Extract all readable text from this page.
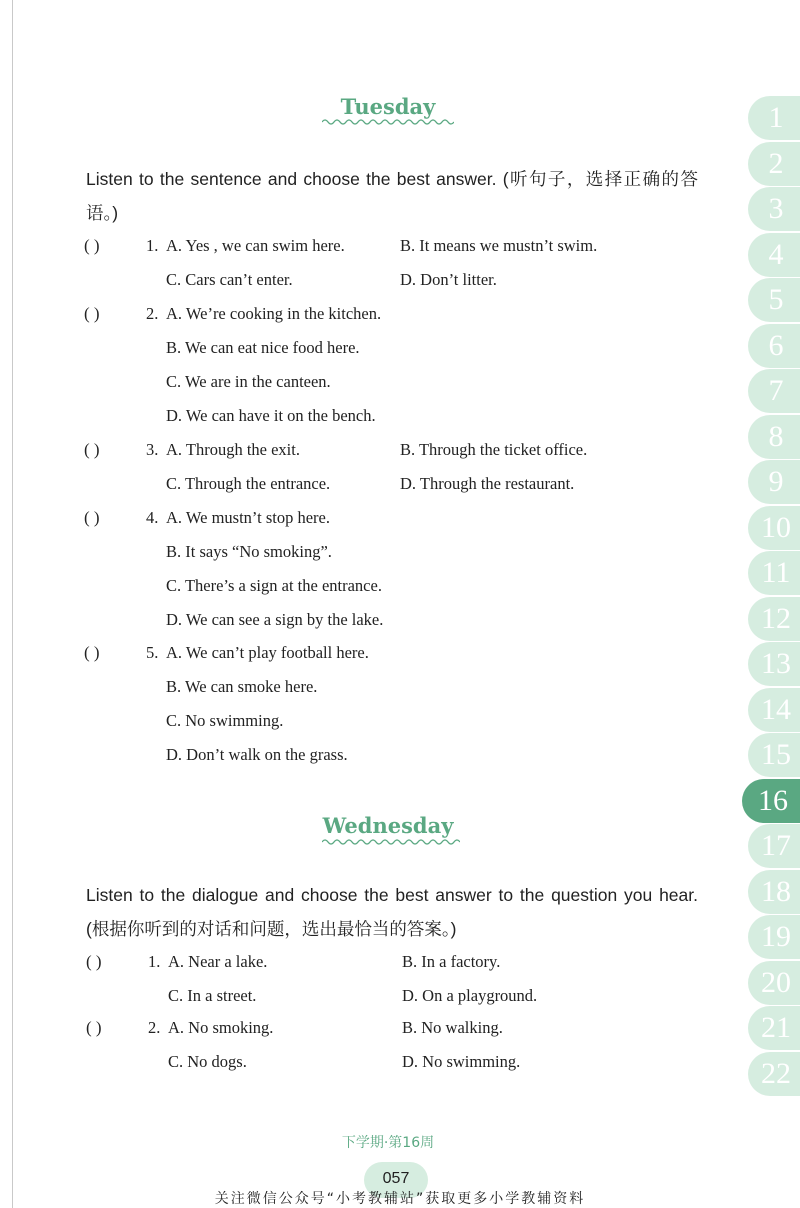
Tuesday
Listen to the sentence and choose the best answer. (听句子，选择正确的答语。)
( )	1. A. Yes , we can swim here.	B. It means we mustn’t swim.
C. Cars can’t enter.	D. Don’t litter.
( )	2. A. We’re cooking in the kitchen.
B. We can eat nice food here.
C. We are in the canteen.
D. We can have it on the bench.
( )	3. A. Through the exit.	B. Through the ticket office.
C. Through the entrance.	D. Through the restaurant.
( )	4. A. We mustn’t stop here.
B. It says “No smoking”.
C. There’s a sign at the entrance.
D. We can see a sign by the lake.
( )	5. A. We can’t play football here.
B. We can smoke here.
C. No swimming.
D. Don’t walk on the grass.
Wednesday
Listen to the dialogue and choose the best answer to the question you hear. (根据你听到的对话和问题，选出最恰当的答案。)
( )	1. A. Near a lake.	B. In a factory.
C. In a street.	D. On a playground.
( )	2. A. No smoking.	B. No walking.
C. No dogs.	D. No swimming.
下学期·第16周
057
关注微信公众号“小考教辅站”获取更多小学教辅资料
1
2
3
4
5
6
7
8
9
10
11
12
13
14
15
16
17
18
19
20
21
22
